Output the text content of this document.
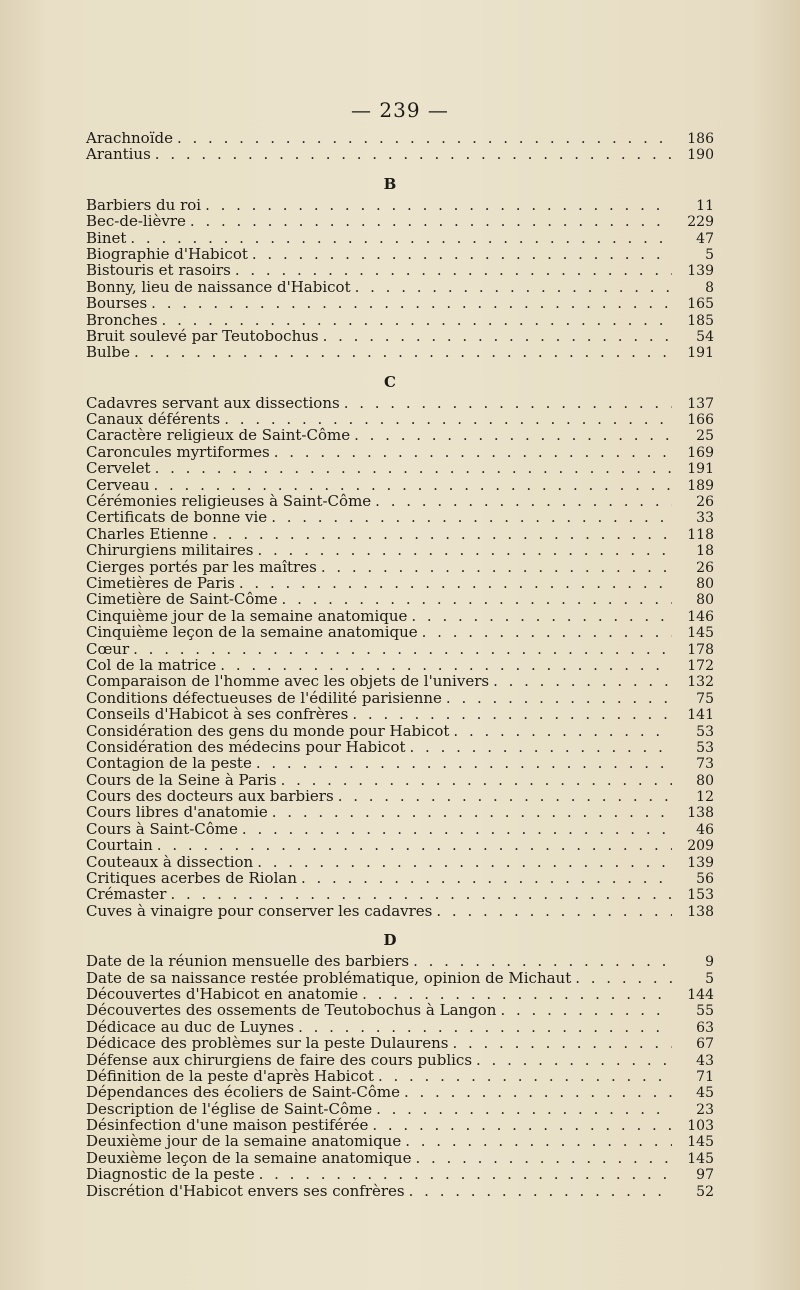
— 239 —
Arachnoïde . . .	186
Arantius . . .	190
B
Barbiers du roi . . .	11
Bec-de-lièvre . . .	229
Binet . . .	47
Biographie d'Habicot . . .	5
Bistouris et rasoirs . . .	139
Bonny, lieu de naissance d'Habicot . . .	8
Bourses . . .	165
Bronches . . .	185
Bruit soulevé par Teutobochus . . .	54
Bulbe . . .	191
C
Cadavres servant aux dissections . . .	137
Canaux déférents . . .	166
Caractère religieux de Saint-Côme . . .	25
Caroncules myrtiformes . . .	169
Cervelet . . .	191
Cerveau . . .	189
Cérémonies religieuses à Saint-Côme . . .	26
Certificats de bonne vie . . .	33
Charles Etienne . . .	118
Chirurgiens militaires . . .	18
Cierges portés par les maîtres . . .	26
Cimetières de Paris . . .	80
Cimetière de Saint-Côme . . .	80
Cinquième jour de la semaine anatomique . . .	146
Cinquième leçon de la semaine anatomique . . .	145
Cœur . . .	178
Col de la matrice . . .	172
Comparaison de l'homme avec les objets de l'univers . . .	132
Conditions défectueuses de l'édilité parisienne . . .	75
Conseils d'Habicot à ses confrères . . .	141
Considération des gens du monde pour Habicot . . .	53
Considération des médecins pour Habicot . . .	53
Contagion de la peste . . .	73
Cours de la Seine à Paris . . .	80
Cours des docteurs aux barbiers . . .	12
Cours libres d'anatomie . . .	138
Cours à Saint-Côme . . .	46
Courtain . . .	209
Couteaux à dissection . . .	139
Critiques acerbes de Riolan . . .	56
Crémaster . . .	153
Cuves à vinaigre pour conserver les cadavres . . .	138
D
Date de la réunion mensuelle des barbiers . . .	9
Date de sa naissance restée problématique, opinion de Michaut . . .	5
Découvertes d'Habicot en anatomie . . .	144
Découvertes des ossements de Teutobochus à Langon . . .	55
Dédicace au duc de Luynes . . .	63
Dédicace des problèmes sur la peste Dulaurens . . .	67
Défense aux chirurgiens de faire des cours publics . . .	43
Définition de la peste d'après Habicot . . .	71
Dépendances des écoliers de Saint-Côme . . .	45
Description de l'église de Saint-Côme . . .	23
Désinfection d'une maison pestiférée . . .	103
Deuxième jour de la semaine anatomique . . .	145
Deuxième leçon de la semaine anatomique . . .	145
Diagnostic de la peste . . .	97
Discrétion d'Habicot envers ses confrères . . .	52
